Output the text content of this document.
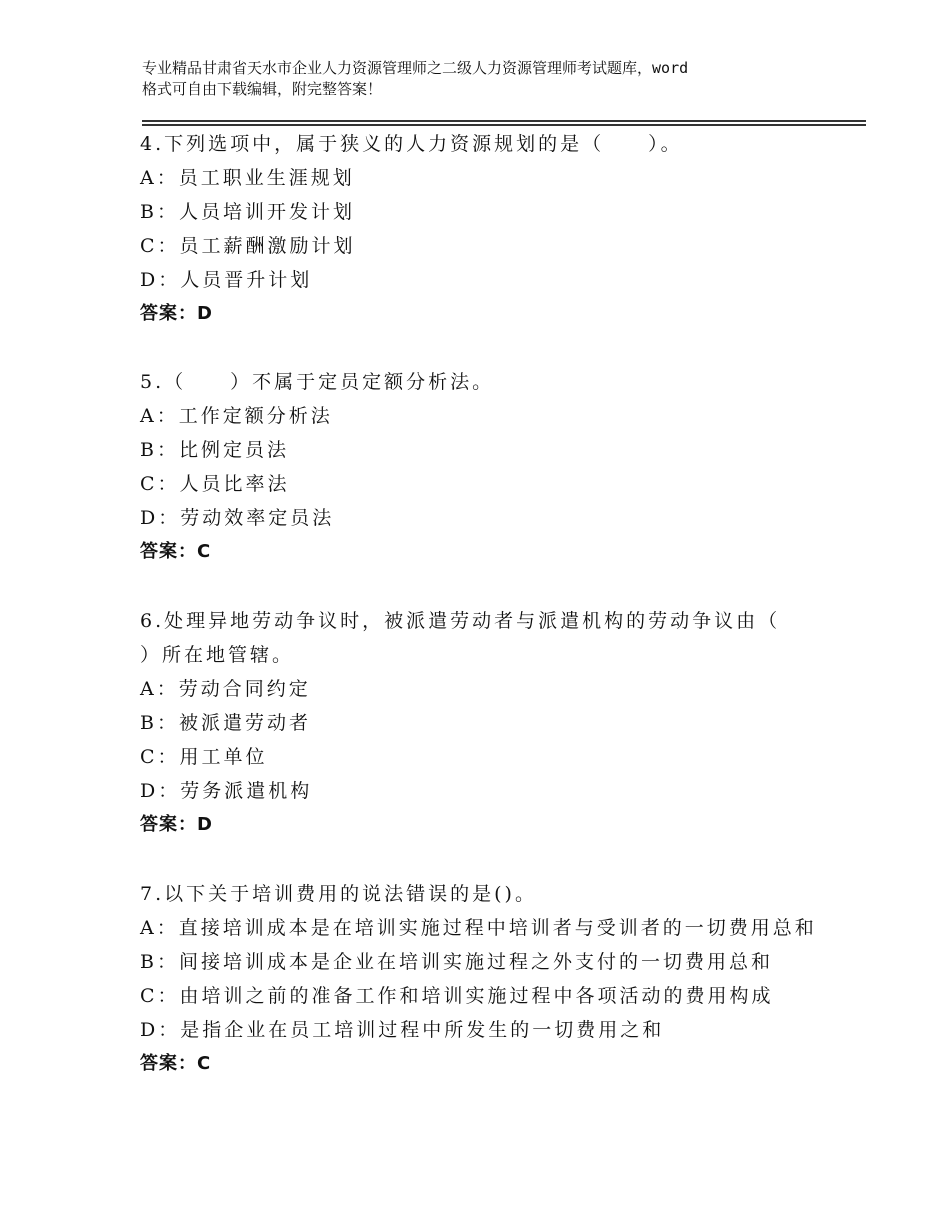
专业精品甘肃省天水市企业人力资源管理师之二级人力资源管理师考试题库，word
格式可自由下载编辑，附完整答案！
4.下列选项中，属于狭义的人力资源规划的是（　　）。
A：员工职业生涯规划
B：人员培训开发计划
C：员工薪酬激励计划
D：人员晋升计划
答案：D
5.（　　）不属于定员定额分析法。
A：工作定额分析法
B：比例定员法
C：人员比率法
D：劳动效率定员法
答案：C
6.处理异地劳动争议时，被派遣劳动者与派遣机构的劳动争议由（
）所在地管辖。
A：劳动合同约定
B：被派遣劳动者
C：用工单位
D：劳务派遣机构
答案：D
7.以下关于培训费用的说法错误的是()。
A：直接培训成本是在培训实施过程中培训者与受训者的一切费用总和
B：间接培训成本是企业在培训实施过程之外支付的一切费用总和
C：由培训之前的准备工作和培训实施过程中各项活动的费用构成
D：是指企业在员工培训过程中所发生的一切费用之和
答案：C
